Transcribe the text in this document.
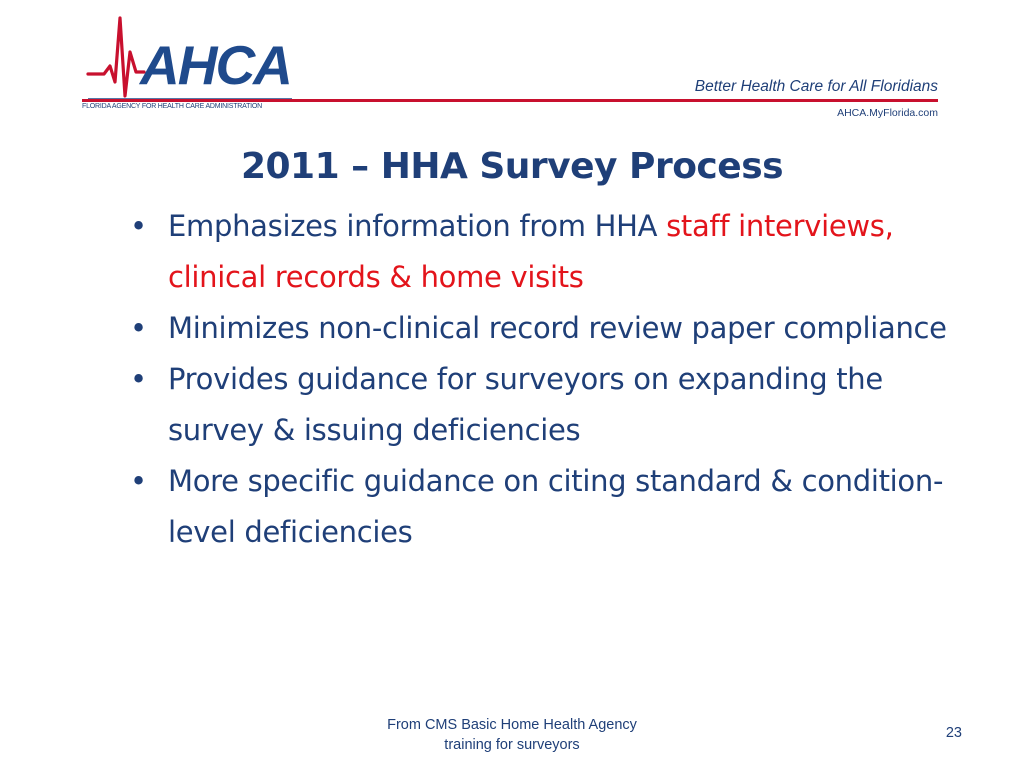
AHCA
FLORIDA AGENCY FOR HEALTH CARE ADMINISTRATION
Better Health Care for All Floridians
AHCA.MyFlorida.com
2011 – HHA Survey Process
• Emphasizes information from HHA staff interviews, clinical records & home visits
• Minimizes non-clinical record review paper compliance
• Provides guidance for surveyors on expanding the survey & issuing deficiencies
• More specific guidance on citing standard & condition-level deficiencies
From CMS Basic Home Health Agency
training for surveyors
23
